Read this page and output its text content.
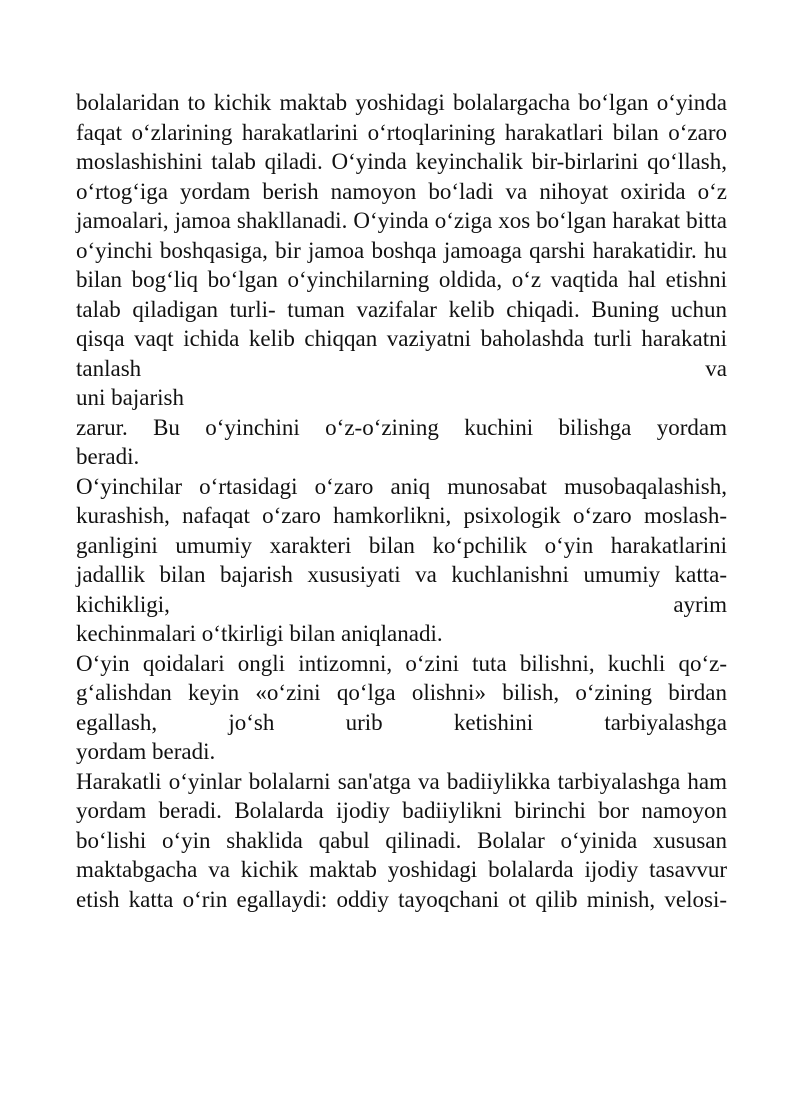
bolalaridan to kichik maktab yoshidagi bolalargacha bo‘lgan o‘yinda faqat o‘zlarining harakatlarini o‘rtoqlarining harakatlari bilan o‘zaro moslashishini talab qiladi. O‘yinda keyinchalik bir-birlarini qo‘llash, o‘rtog‘iga yordam berish namoyon bo‘ladi va nihoyat oxirida o‘z jamoalari, jamoa shakllanadi. O‘yinda o‘ziga xos bo‘lgan harakat bitta o‘yinchi boshqasiga, bir jamoa boshqa jamoaga qarshi harakatidir. hu bilan bog‘liq bo‘lgan o‘yinchilarning oldida, o‘z vaqtida hal etishni talab qiladigan turli- tuman vazifalar kelib chiqadi. Buning uchun qisqa vaqt ichida kelib chiqqan vaziyatni baholashda turli harakatni tanlash va

uni bajarish

zarur. Bu o‘yinchini o‘z-o‘zining kuchini bilishga yordam

beradi.

O‘yinchilar o‘rtasidagi o‘zaro aniq munosabat musobaqalashish, kurashish, nafaqat o‘zaro hamkorlikni, psixologik o‘zaro moslash- ganligini umumiy xarakteri bilan ko‘pchilik o‘yin harakatlarini jadallik bilan bajarish xususiyati va kuchlanishni umumiy katta-kichikligi, ayrim

kechinmalari o‘tkirligi bilan aniqlanadi.

O‘yin qoidalari ongli intizomni, o‘zini tuta bilishni, kuchli qo‘z- g‘alishdan keyin «o‘zini qo‘lga olishni» bilish, o‘zining birdan egallash, jo‘sh urib ketishini tarbiyalashga

yordam beradi.

Harakatli o‘yinlar bolalarni san'atga va badiiylikka tarbiyalashga ham yordam beradi. Bolalarda ijodiy badiiylikni birinchi bor namoyon bo‘lishi o‘yin shaklida qabul qilinadi. Bolalar o‘yinida xususan maktabgacha va kichik maktab yoshidagi bolalarda ijodiy tasavvur etish katta o‘rin egallaydi: oddiy tayoqchani ot qilib minish, velosi-
